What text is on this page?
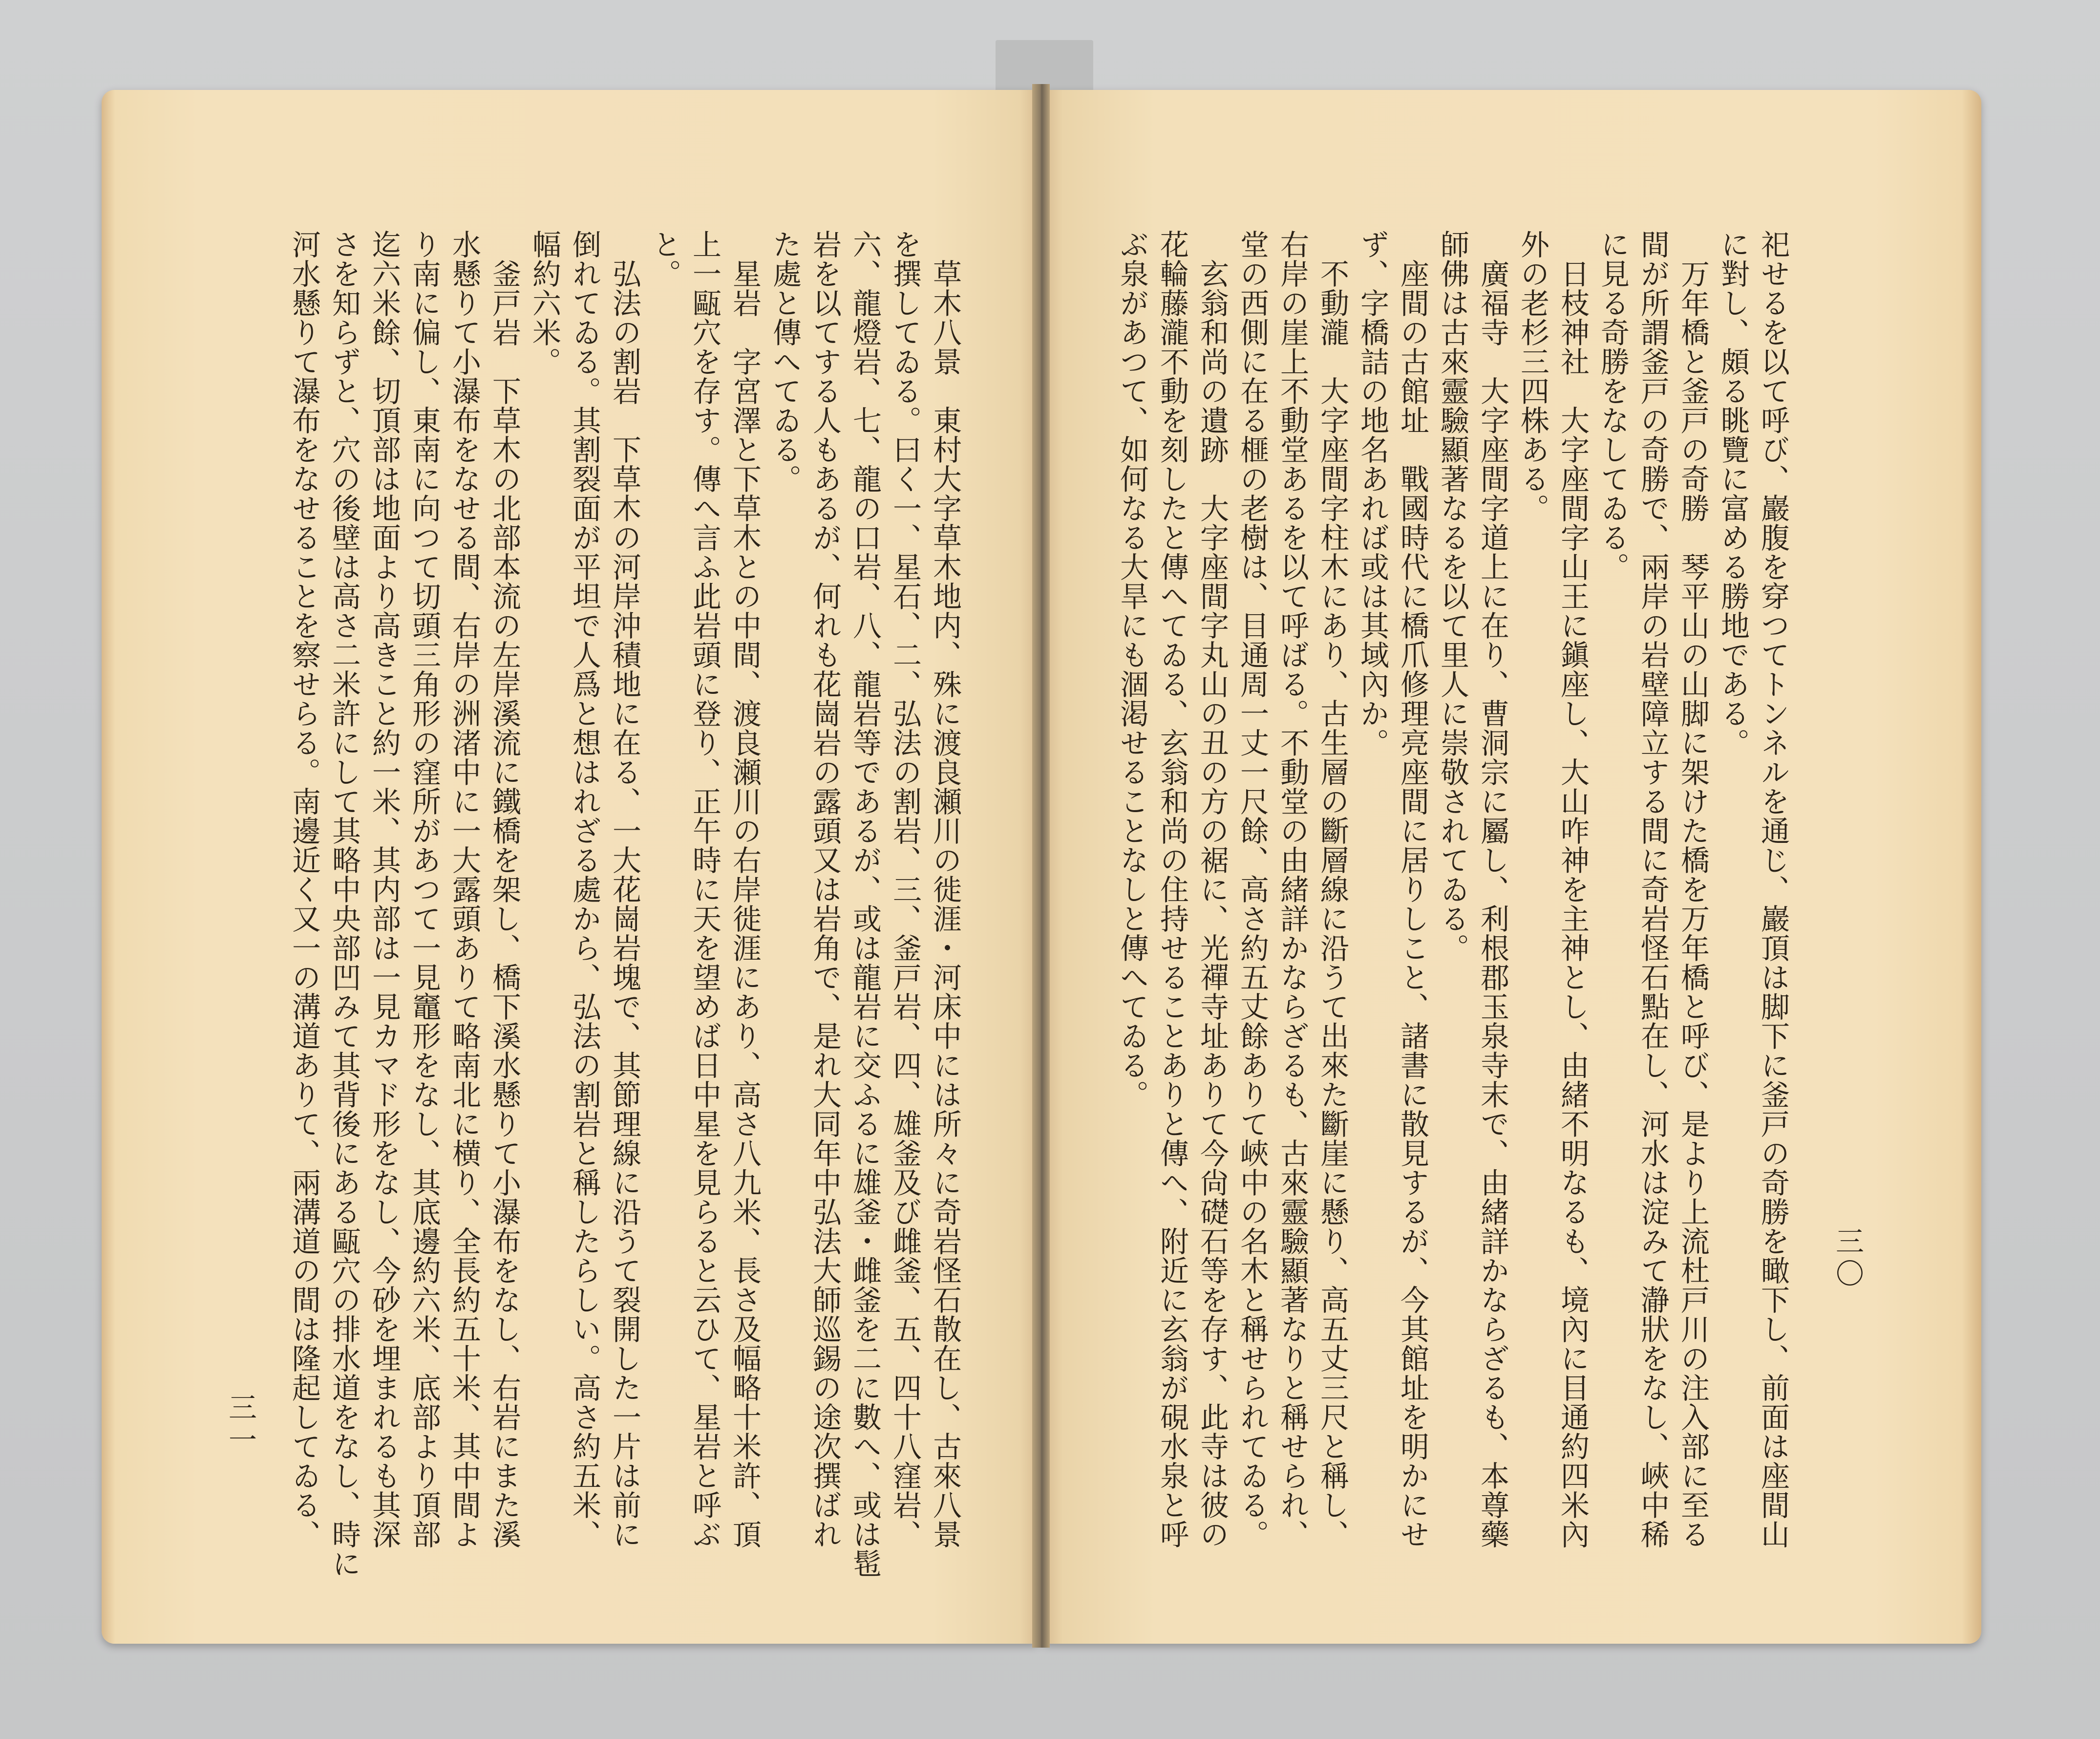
草木八景　東村大字草木地内、殊に渡良瀬川の徙涯・河床中には所々に奇岩怪石散在し、古來八景
を撰してゐる。曰く一、星石、二、弘法の割岩、三、釜戸岩、四、雄釜及び雌釜、五、四十八窪岩、
六、龍燈岩、七、龍の口岩、八、龍岩等であるが、或は龍岩に交ふるに雄釜・雌釜を二に數へ、或は髢
岩を以てする人もあるが、何れも花崗岩の露頭又は岩角で、是れ大同年中弘法大師巡錫の途次撰ばれ
た處と傳へてゐる。
星岩　字宮澤と下草木との中間、渡良瀬川の右岸徙涯にあり、高さ八九米、長さ及幅略十米許、頂
上一甌穴を存す。傳へ言ふ此岩頭に登り、正午時に天を望めば日中星を見らると云ひて、星岩と呼ぶ
と。
弘法の割岩　下草木の河岸沖積地に在る、一大花崗岩塊で、其節理線に沿うて裂開した一片は前に
倒れてゐる。其割裂面が平坦で人爲と想はれざる處から、弘法の割岩と稱したらしい。高さ約五米、
幅約六米。
釜戸岩　下草木の北部本流の左岸溪流に鐵橋を架し、橋下溪水懸りて小瀑布をなし、右岩にまた溪
水懸りて小瀑布をなせる間、右岸の洲渚中に一大露頭ありて略南北に横り、全長約五十米、其中間よ
り南に偏し、東南に向つて切頭三角形の窪所があつて一見竈形をなし、其底邊約六米、底部より頂部
迄六米餘、切頂部は地面より高きこと約一米、其内部は一見カマド形をなし、今砂を埋まれるも其深
さを知らずと、穴の後壁は高さ二米許にして其略中央部凹みて其背後にある甌穴の排水道をなし、時に
河水懸りて瀑布をなせることを察せらる。南邊近く又一の溝道ありて、兩溝道の間は隆起してゐる、	祀せるを以て呼び、巖腹を穿つてトンネルを通じ、巖頂は脚下に釜戸の奇勝を瞰下し、前面は座間山
に對し、頗る眺覽に富める勝地である。
万年橋と釜戸の奇勝　琴平山の山脚に架けた橋を万年橋と呼び、是より上流杜戸川の注入部に至る
間が所謂釜戸の奇勝で、兩岸の岩壁障立する間に奇岩怪石點在し、河水は淀みて瀞狀をなし、峽中稀
に見る奇勝をなしてゐる。
日枝神社　大字座間字山王に鎭座し、大山咋神を主神とし、由緒不明なるも、境內に目通約四米內
外の老杉三四株ある。
廣福寺　大字座間字道上に在り、曹洞宗に屬し、利根郡玉泉寺末で、由緒詳かならざるも、本尊藥
師佛は古來靈驗顯著なるを以て里人に崇敬されてゐる。
座間の古館址　戰國時代に橋爪修理亮座間に居りしこと、諸書に散見するが、今其館址を明かにせ
ず、字橋詰の地名あれば或は其域內か。
不動瀧　大字座間字柱木にあり、古生層の斷層線に沿うて出來た斷崖に懸り、高五丈三尺と稱し、
右岸の崖上不動堂あるを以て呼ばる。不動堂の由緒詳かならざるも、古來靈驗顯著なりと稱せられ、
堂の西側に在る榧の老樹は、目通周一丈一尺餘、高さ約五丈餘ありて峽中の名木と稱せられてゐる。
玄翁和尚の遺跡　大字座間字丸山の丑の方の裾に、光禪寺址ありて今尙礎石等を存す、此寺は彼の
花輪藤瀧不動を刻したと傳へてゐる、玄翁和尚の住持せることありと傳へ、附近に玄翁が硯水泉と呼
ぶ泉があつて、如何なる大旱にも涸渇せることなしと傳へてゐる。
三一
三〇
